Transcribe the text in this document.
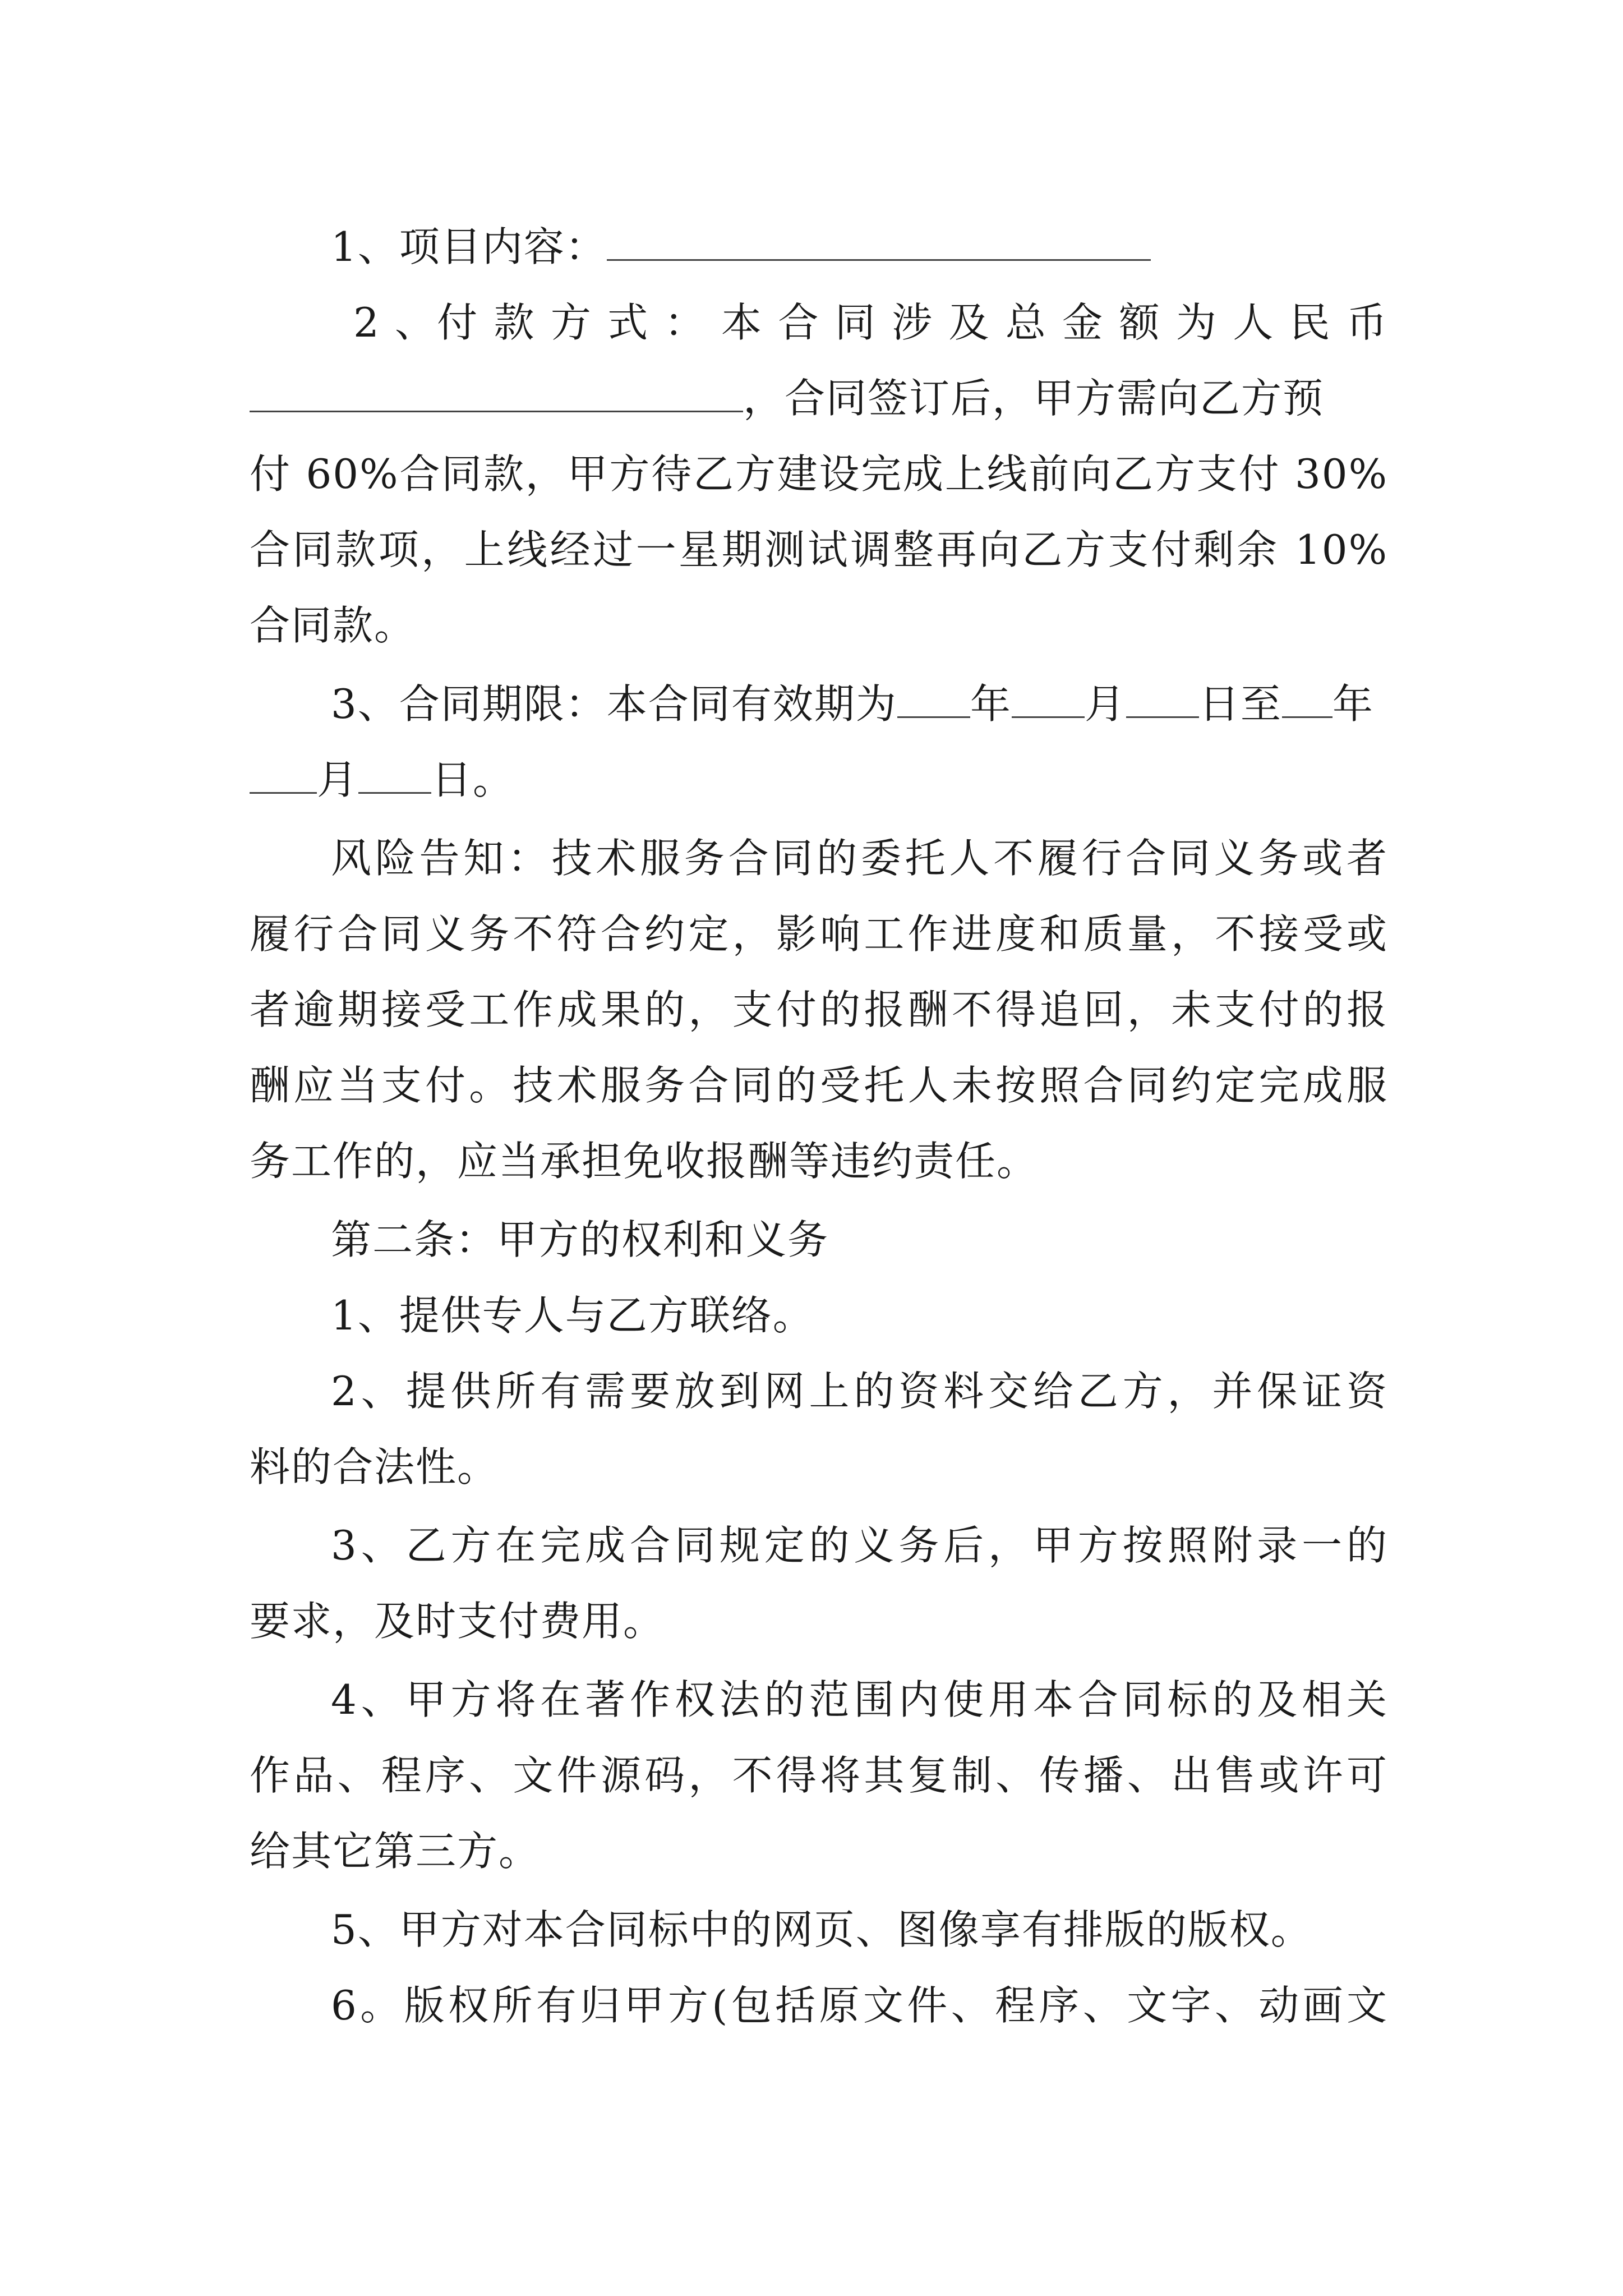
1、项目内容：
2 、付 款 方 式 ： 本 合 同 涉 及 总 金 额 为 人 民 币
，合同签订后，甲方需向乙方预
付 60%合同款，甲方待乙方建设完成上线前向乙方支付 30%
合同款项，上线经过一星期测试调整再向乙方支付剩余 10%
合同款。
3、合同期限：本合同有效期为 年 月 日至 年
月 日。
风险告知：技术服务合同的委托人不履行合同义务或者
履行合同义务不符合约定，影响工作进度和质量，不接受或
者逾期接受工作成果的，支付的报酬不得追回，未支付的报
酬应当支付。技术服务合同的受托人未按照合同约定完成服
务工作的，应当承担免收报酬等违约责任。
第二条：甲方的权利和义务
1、提供专人与乙方联络。
2、提供所有需要放到网上的资料交给乙方，并保证资
料的合法性。
3、乙方在完成合同规定的义务后，甲方按照附录一的
要求，及时支付费用。
4、甲方将在著作权法的范围内使用本合同标的及相关
作品、程序、文件源码，不得将其复制、传播、出售或许可
给其它第三方。
5、甲方对本合同标中的网页、图像享有排版的版权。
6。版权所有归甲方(包括原文件、程序、文字、动画文
